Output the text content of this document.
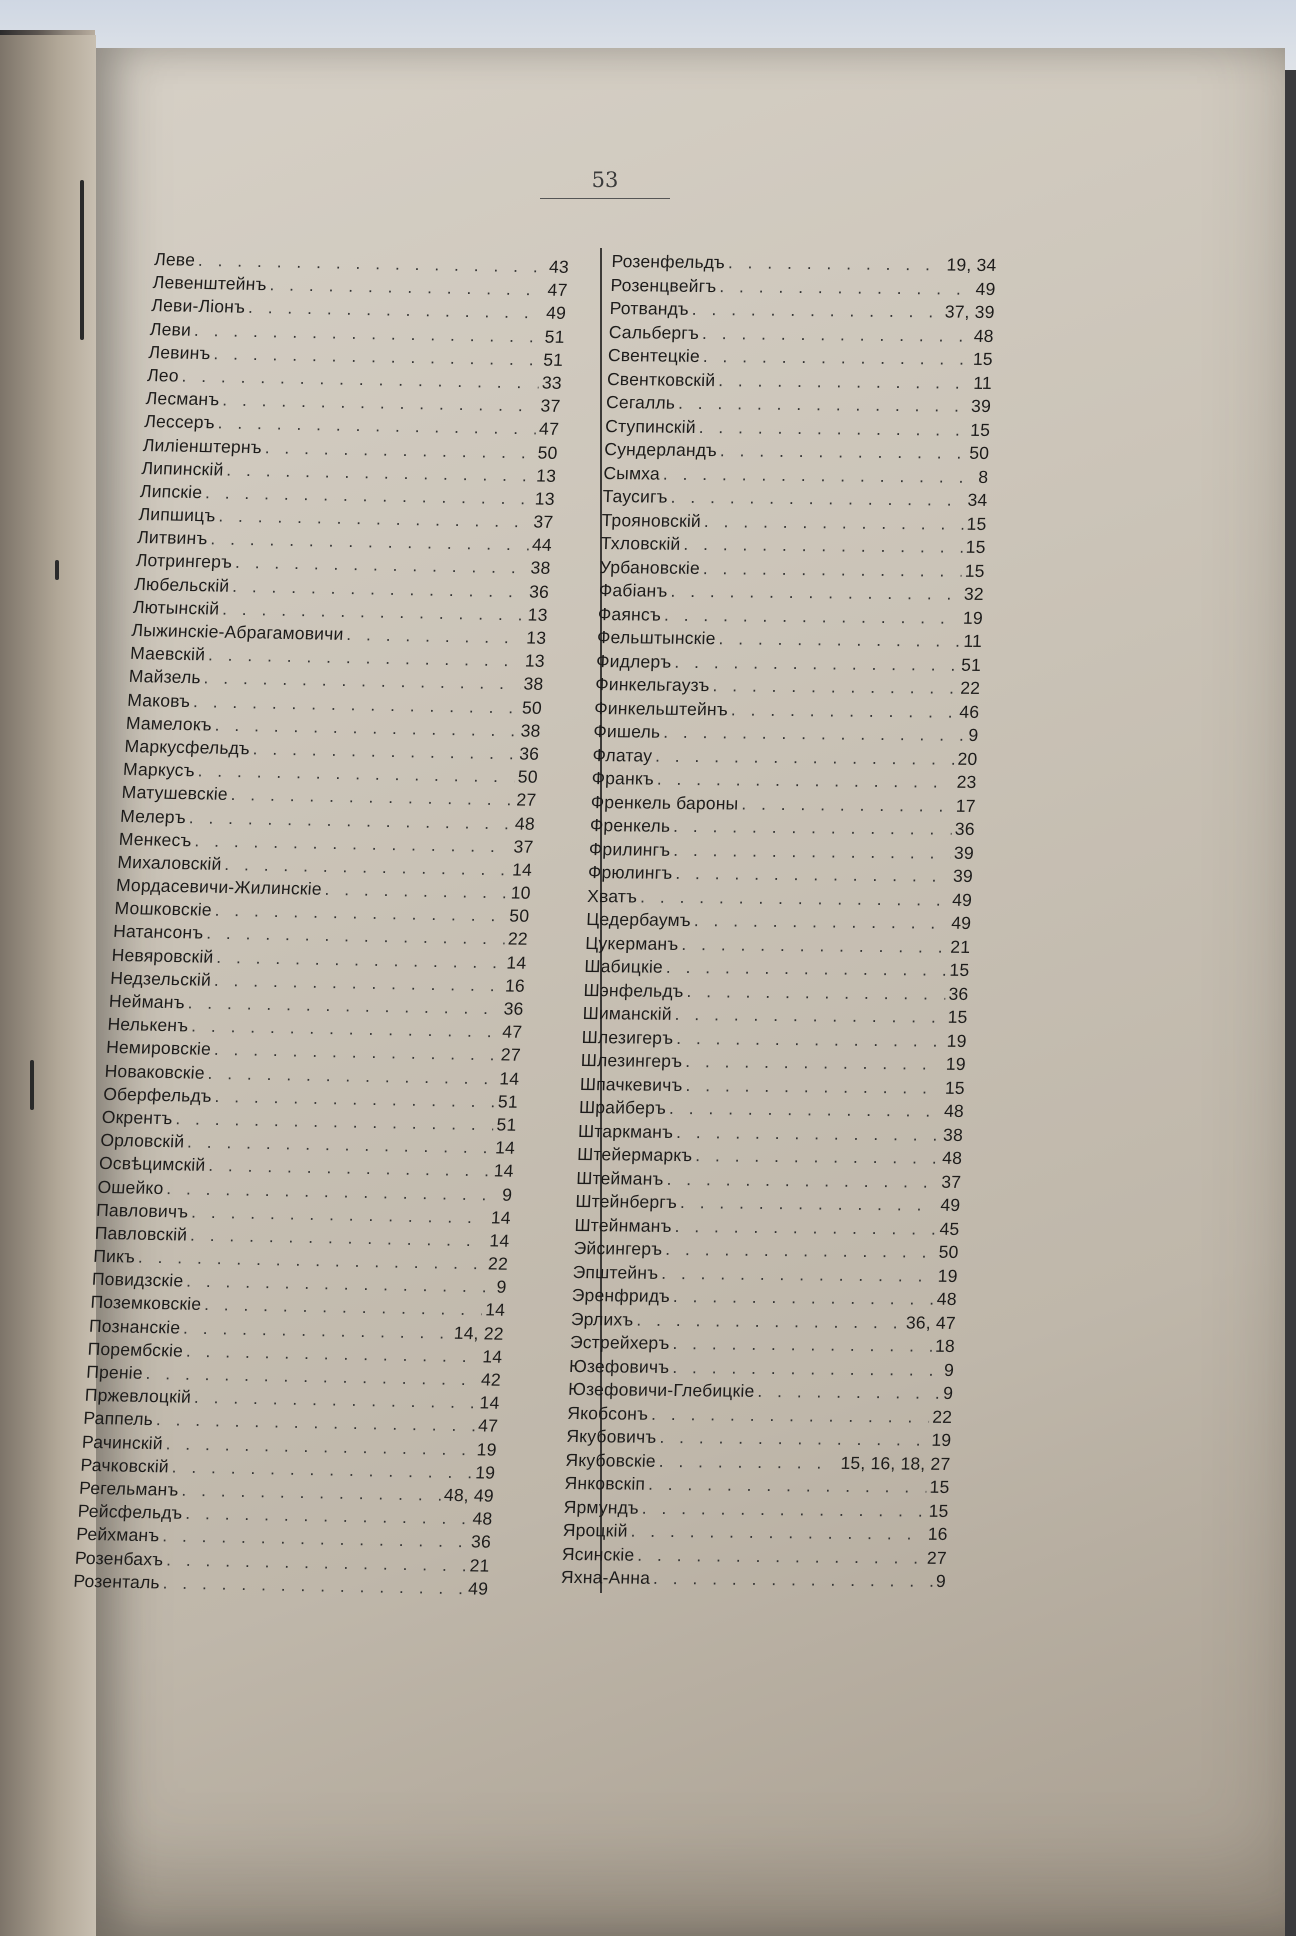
53
Леве . . .	43
Левенштейнъ . . .	47
Леви-Ліонъ . . .	49
Леви . . .	51
Левинъ . . .	51
Лео . . .	33
Лесманъ . . .	37
Лессеръ . . .	47
Лиліенштернъ . . .	50
Липинскій . . .	13
Липскіе . . .	13
Липшицъ . . .	37
Литвинъ . . .	44
Лотрингеръ . . .	38
Любельскій . . .	36
Лютынскій . . .	13
Лыжинскіе-Абрагамовичи . . .	13
Маевскій . . .	13
Майзель . . .	38
Маковъ . . .	50
Мамелокъ . . .	38
Маркусфельдъ . . .	36
Маркусъ . . .	50
Матушевскіе . . .	27
Мелеръ . . .	48
Менкесъ . . .	37
Михаловскій . . .	14
Мордасевичи-Жилинскіе . . .	10
Мошковскіе . . .	50
Натансонъ . . .	22
Невяровскій . . .	14
Недзельскій . . .	16
Нейманъ . . .	36
Нелькенъ . . .	47
Немировскіе . . .	27
Новаковскіе . . .	14
Оберфельдъ . . .	51
Окрентъ . . .	51
Орловскій . . .	14
Освѣцимскій . . .	14
Ошейко . . .	9
Павловичъ . . .	14
Павловскій . . .	14
Пикъ . . .	22
Повидзскіе . . .	9
Поземковскіе . . .	14
Познанскіе . . .	14, 22
Порембскіе . . .	14
Преніе . . .	42
Пржевлоцкій . . .	14
Раппель . . .	47
Рачинскій . . .	19
Рачковскій . . .	19
Регельманъ . . .	48, 49
Рейсфельдъ . . .	48
Рейхманъ . . .	36
Розенбахъ . . .	21
Розенталь . . .	49
Розенфельдъ . . .	19, 34
Розенцвейгъ . . .	49
Ротвандъ . . .	37, 39
Сальбергъ . . .	48
Свентецкіе . . .	15
Свентковскій . . .	11
Сегалль . . .	39
Ступинскій . . .	15
Сундерландъ . . .	50
Сымха . . .	8
Таусигъ . . .	34
Трояновскій . . .	15
Тхловскій . . .	15
Урбановскіе . . .	15
Фабіанъ . . .	32
Фаянсъ . . .	19
Фельштынскіе . . .	11
Фидлеръ . . .	51
Финкельгаузъ . . .	22
Финкельштейнъ . . .	46
Фишель . . .	9
Флатау . . .	20
Франкъ . . .	23
Френкель бароны . . .	17
Френкель . . .	36
Фрилингъ . . .	39
Фрюлингъ . . .	39
Хватъ . . .	49
Цедербаумъ . . .	49
Цукерманъ . . .	21
Шабицкіе . . .	15
Шэнфельдъ . . .	36
Шиманскій . . .	15
Шлезигеръ . . .	19
Шлезингеръ . . .	19
Шпачкевичъ . . .	15
Шрайберъ . . .	48
Штаркманъ . . .	38
Штейермаркъ . . .	48
Штейманъ . . .	37
Штейнбергъ . . .	49
Штейнманъ . . .	45
Эйсингеръ . . .	50
Эпштейнъ . . .	19
Эренфридъ . . .	48
Эрлихъ . . .	36, 47
Эстрейхеръ . . .	18
Юзефовичъ . . .	9
Юзефовичи-Глебицкіе . . .	9
Якобсонъ . . .	22
Якубовичъ . . .	19
Якубовскіе . . .	15, 16, 18, 27
Янковскіп . . .	15
Ярмундъ . . .	15
Яроцкій . . .	16
Ясинскіе . . .	27
Яхна-Анна . . .	9
